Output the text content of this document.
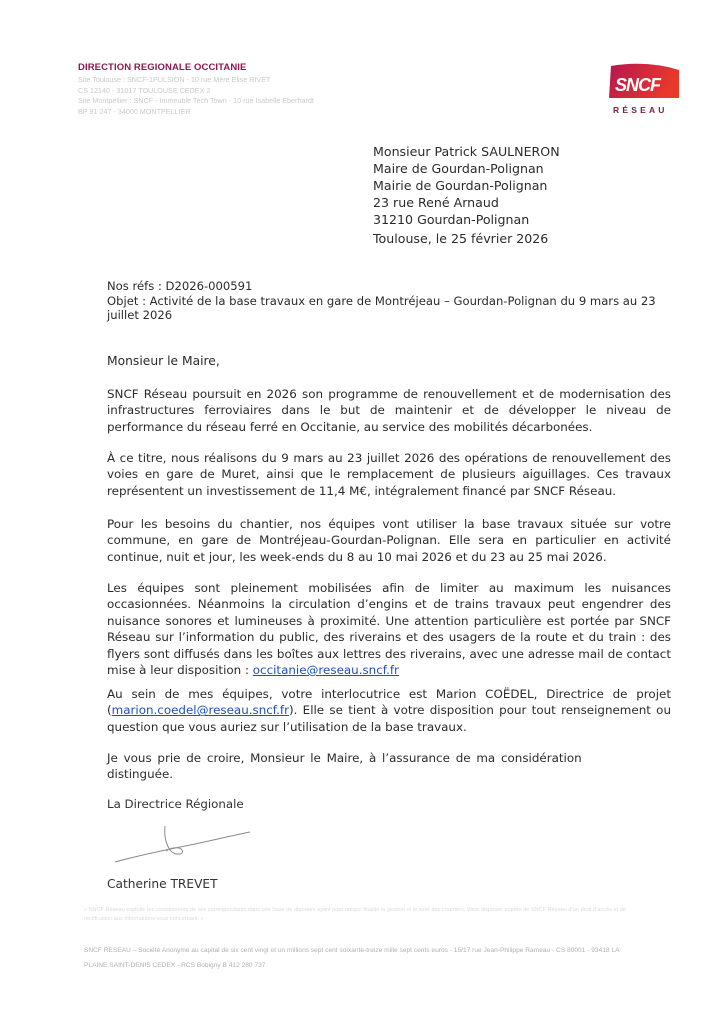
DIRECTION REGIONALE OCCITANIE
Site Toulouse : SNCF-1PULSION - 10 rue Mère Elise RIVET
CS 12140 - 31017 TOULOUSE CEDEX 2
Site Montpellier : SNCF - Immeuble Tech Town - 10 rue Isabelle Eberhardt
BP 91 247 - 34000 MONTPELLIER
SNCF
RÉSEAU
Monsieur Patrick SAULNERON
Maire de Gourdan-Polignan
Mairie de Gourdan-Polignan
23 rue René Arnaud
31210 Gourdan-Polignan
Toulouse, le 25 février 2026
Nos réfs : D2026-000591
Objet : Activité de la base travaux en gare de Montréjeau – Gourdan-Polignan du 9 mars au 23 juillet 2026
Monsieur le Maire,
SNCF Réseau poursuit en 2026 son programme de renouvellement et de modernisation des infrastructures ferroviaires dans le but de maintenir et de développer le niveau de performance du réseau ferré en Occitanie, au service des mobilités décarbonées.
À ce titre, nous réalisons du 9 mars au 23 juillet 2026 des opérations de renouvellement des voies en gare de Muret, ainsi que le remplacement de plusieurs aiguillages. Ces travaux représentent un investissement de 11,4 M€, intégralement financé par SNCF Réseau.
Pour les besoins du chantier, nos équipes vont utiliser la base travaux située sur votre commune, en gare de Montréjeau-Gourdan-Polignan. Elle sera en particulier en activité continue, nuit et jour, les week-ends du 8 au 10 mai 2026 et du 23 au 25 mai 2026.
Les équipes sont pleinement mobilisées afin de limiter au maximum les nuisances occasionnées. Néanmoins la circulation d’engins et de trains travaux peut engendrer des nuisance sonores et lumineuses à proximité. Une attention particulière est portée par SNCF Réseau sur l’information du public, des riverains et des usagers de la route et du train : des flyers sont diffusés dans les boîtes aux lettres des riverains, avec une adresse mail de contact mise à leur disposition : occitanie@reseau.sncf.fr
Au sein de mes équipes, votre interlocutrice est Marion COËDEL, Directrice de projet (marion.coedel@reseau.sncf.fr). Elle se tient à votre disposition pour tout renseignement ou question que vous auriez sur l’utilisation de la base travaux.
Je vous prie de croire, Monsieur le Maire, à l’assurance de ma considération distinguée.
La Directrice Régionale
Catherine TREVET
« SNCF Réseau exploite les coordonnées de ses correspondants dans une base de données ayant pour unique finalité la gestion et le suivi des courriers. Vous disposez auprès de SNCF Réseau d’un droit d’accès et de rectification aux informations vous concernant. »
SNCF RESEAU – Société Anonyme au capital de six cent vingt et un millions sept cent soixante-treize mille sept cents euros - 15/17 rue Jean-Philippe Rameau - CS 80001 - 93418 LA
PLAINE SAINT-DENIS CEDEX - RCS Bobigny B 412 280 737
